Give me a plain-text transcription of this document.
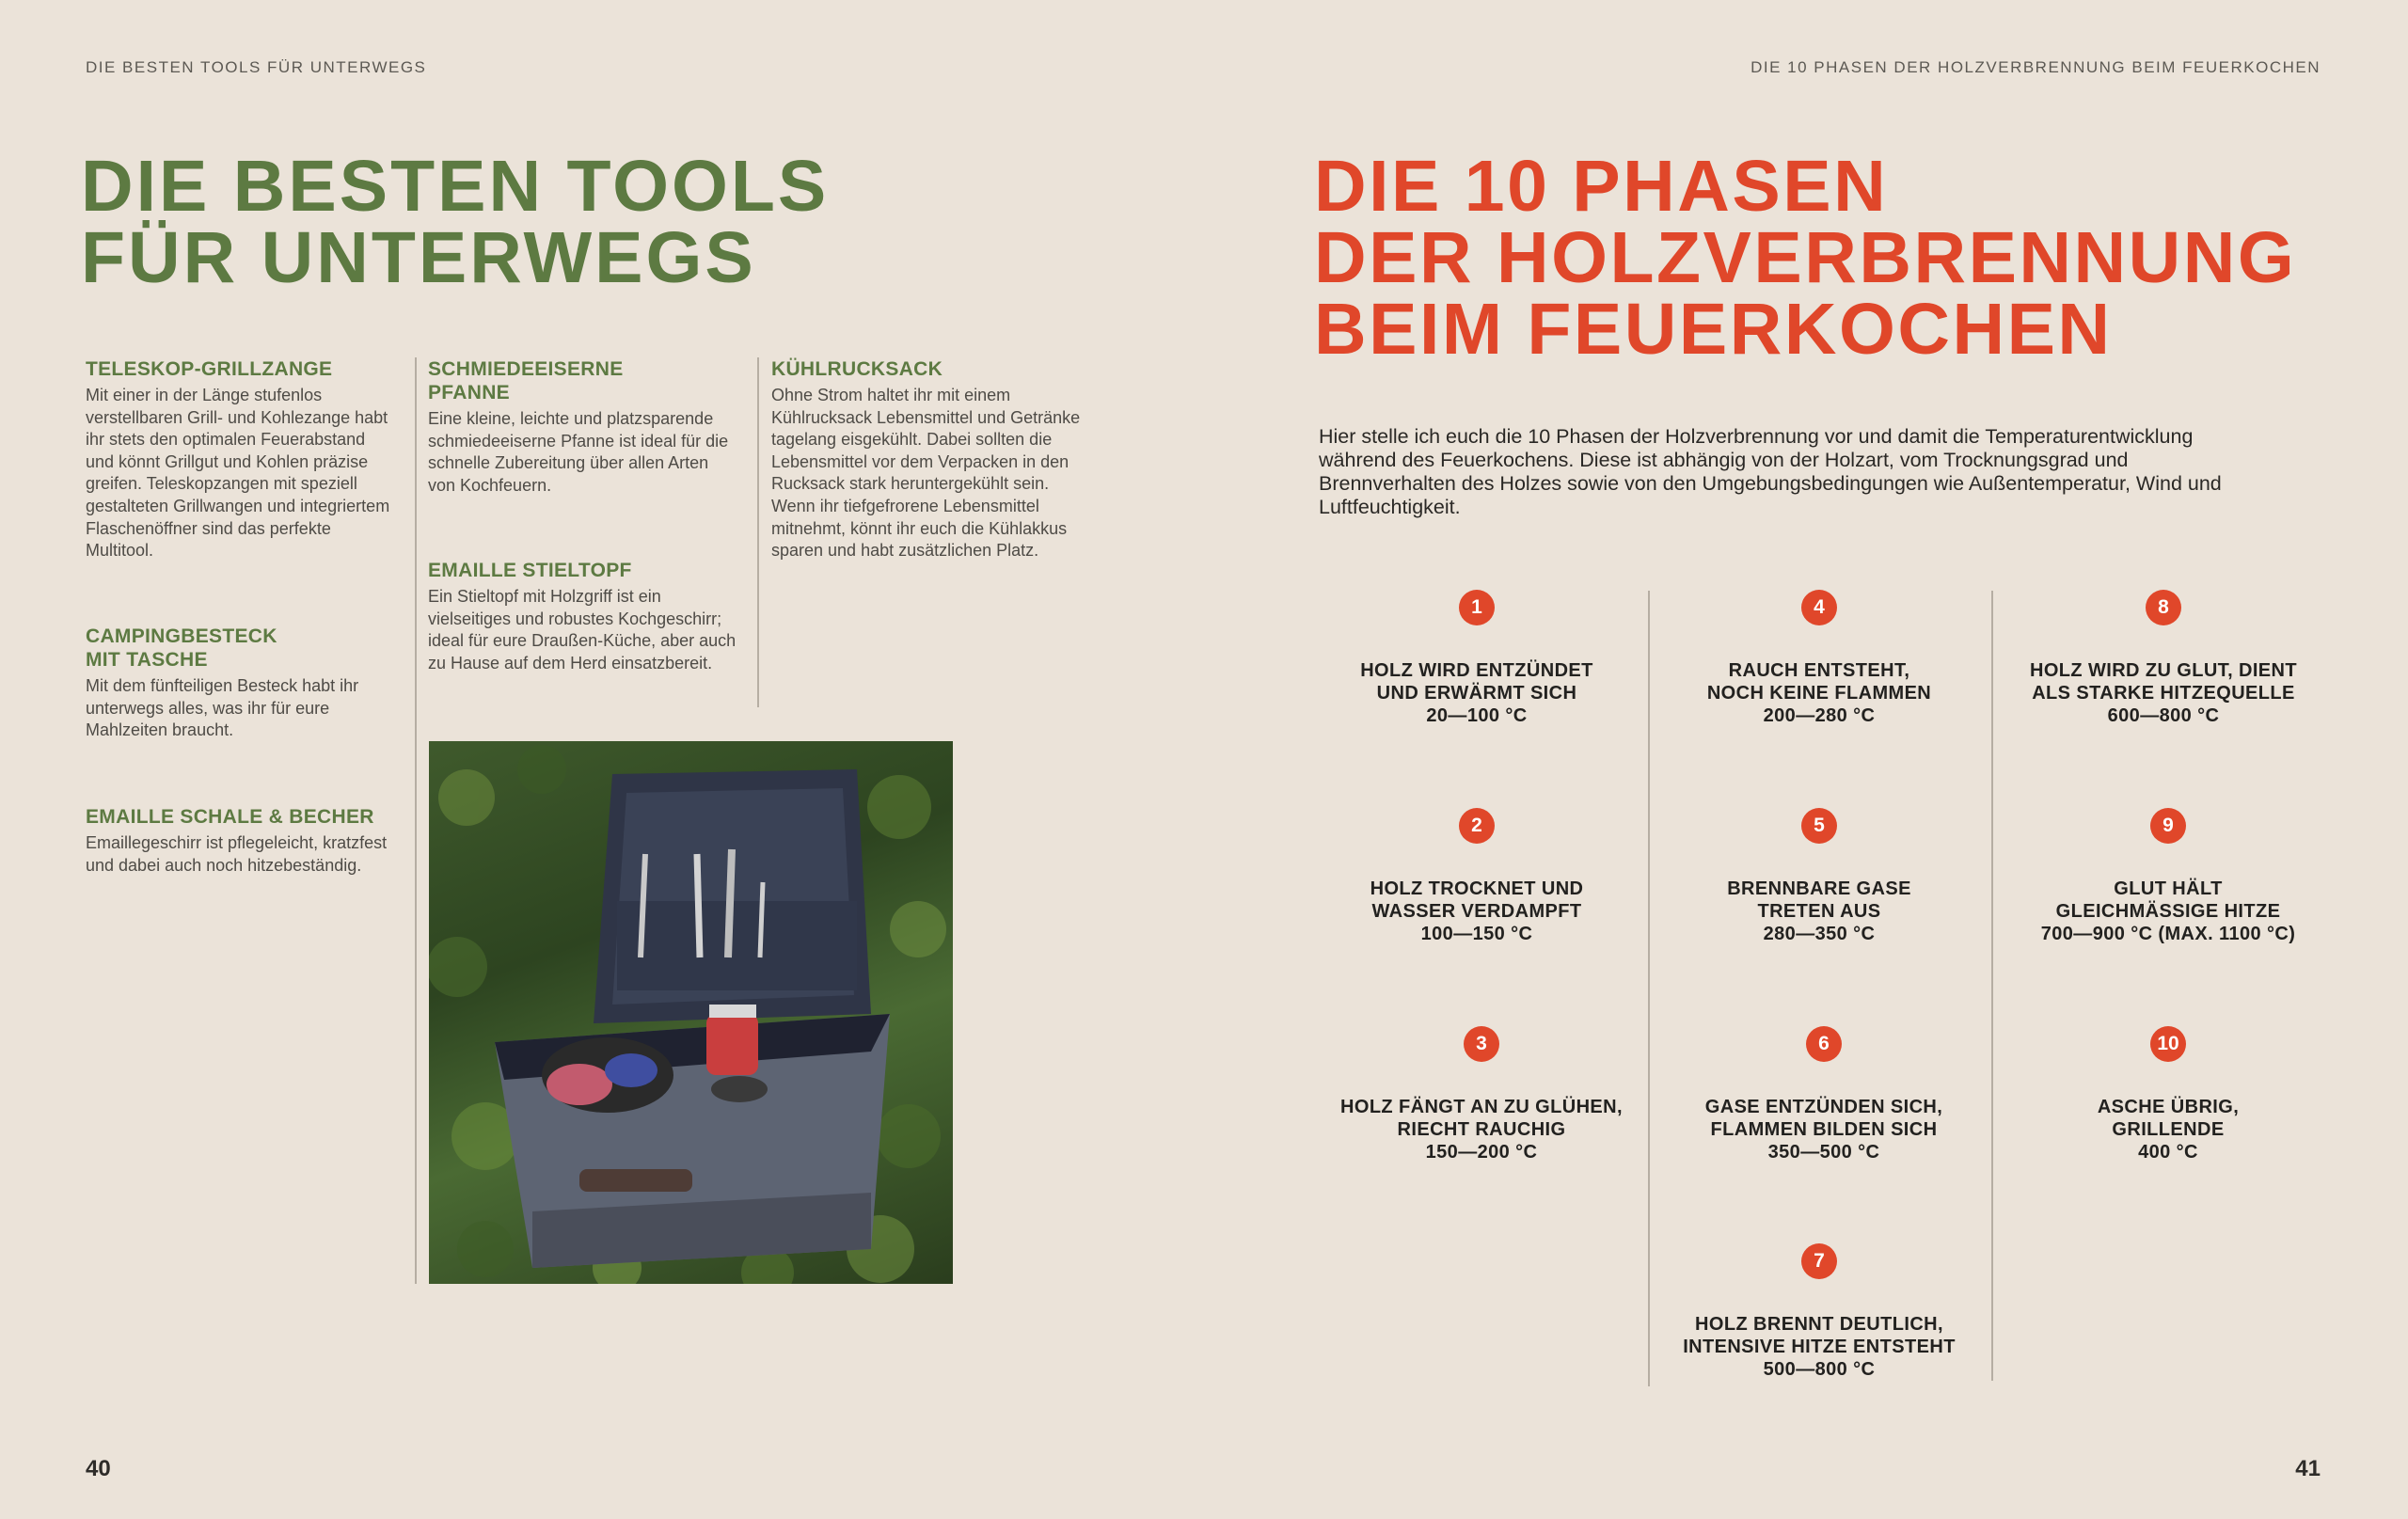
DIE BESTEN TOOLS FÜR UNTERWEGS
DIE BESTEN TOOLS
FÜR UNTERWEGS
TELESKOP-GRILLZANGE

Mit einer in der Länge stufenlos verstellbaren Grill- und Kohlezange habt ihr stets den optimalen Feuerabstand und könnt Grillgut und Kohlen präzise greifen. Teleskopzangen mit speziell gestalteten Grillwangen und integriertem Flaschenöffner sind das perfekte Multitool.

CAMPINGBESTECK
MIT TASCHE

Mit dem fünfteiligen Besteck habt ihr unterwegs alles, was ihr für eure Mahlzeiten braucht.

EMAILLE SCHALE & BECHER

Emaillegeschirr ist pflegeleicht, kratzfest und dabei auch noch hitzebeständig.

SCHMIEDEEISERNE
PFANNE

Eine kleine, leichte und platzsparende schmiedeeiserne Pfanne ist ideal für die schnelle Zubereitung über allen Arten von Kochfeuern.

EMAILLE STIELTOPF

Ein Stieltopf mit Holzgriff ist ein vielseitiges und robustes Kochgeschirr; ideal für eure Draußen-Küche, aber auch zu Hause auf dem Herd einsatzbereit.

KÜHLRUCKSACK

Ohne Strom haltet ihr mit einem Kühlrucksack Lebensmittel und Getränke tagelang eisgekühlt. Dabei sollten die Lebensmittel vor dem Verpacken in den Rucksack stark heruntergekühlt sein. Wenn ihr tiefgefrorene Lebensmittel mitnehmt, könnt ihr euch die Kühlakkus sparen und habt zusätzlichen Platz.

40
DIE 10 PHASEN DER HOLZVERBRENNUNG BEIM FEUERKOCHEN
DIE 10 PHASEN
DER HOLZVERBRENNUNG
BEIM FEUERKOCHEN

Hier stelle ich euch die 10 Phasen der Holzverbrennung vor und damit die Temperaturentwicklung während des Feuerkochens. Diese ist abhängig von der Holzart, vom Trocknungsgrad und Brennverhalten des Holzes sowie von den Umgebungsbedingungen wie Außentemperatur, Wind und Luftfeuchtigkeit.

1
HOLZ WIRD ENTZÜNDET
UND ERWÄRMT SICH
20—100 °C
2
HOLZ TROCKNET UND
WASSER VERDAMPFT
100—150 °C
3
HOLZ FÄNGT AN ZU GLÜHEN,
RIECHT RAUCHIG
150—200 °C
4
RAUCH ENTSTEHT,
NOCH KEINE FLAMMEN
200—280 °C
5
BRENNBARE GASE
TRETEN AUS
280—350 °C
6
GASE ENTZÜNDEN SICH,
FLAMMEN BILDEN SICH
350—500 °C
7
HOLZ BRENNT DEUTLICH,
INTENSIVE HITZE ENTSTEHT
500—800 °C
8
HOLZ WIRD ZU GLUT, DIENT
ALS STARKE HITZEQUELLE
600—800 °C
9
GLUT HÄLT
GLEICHMÄSSIGE HITZE
700—900 °C (MAX. 1100 °C)
10
ASCHE ÜBRIG,
GRILLENDE
400 °C
41
